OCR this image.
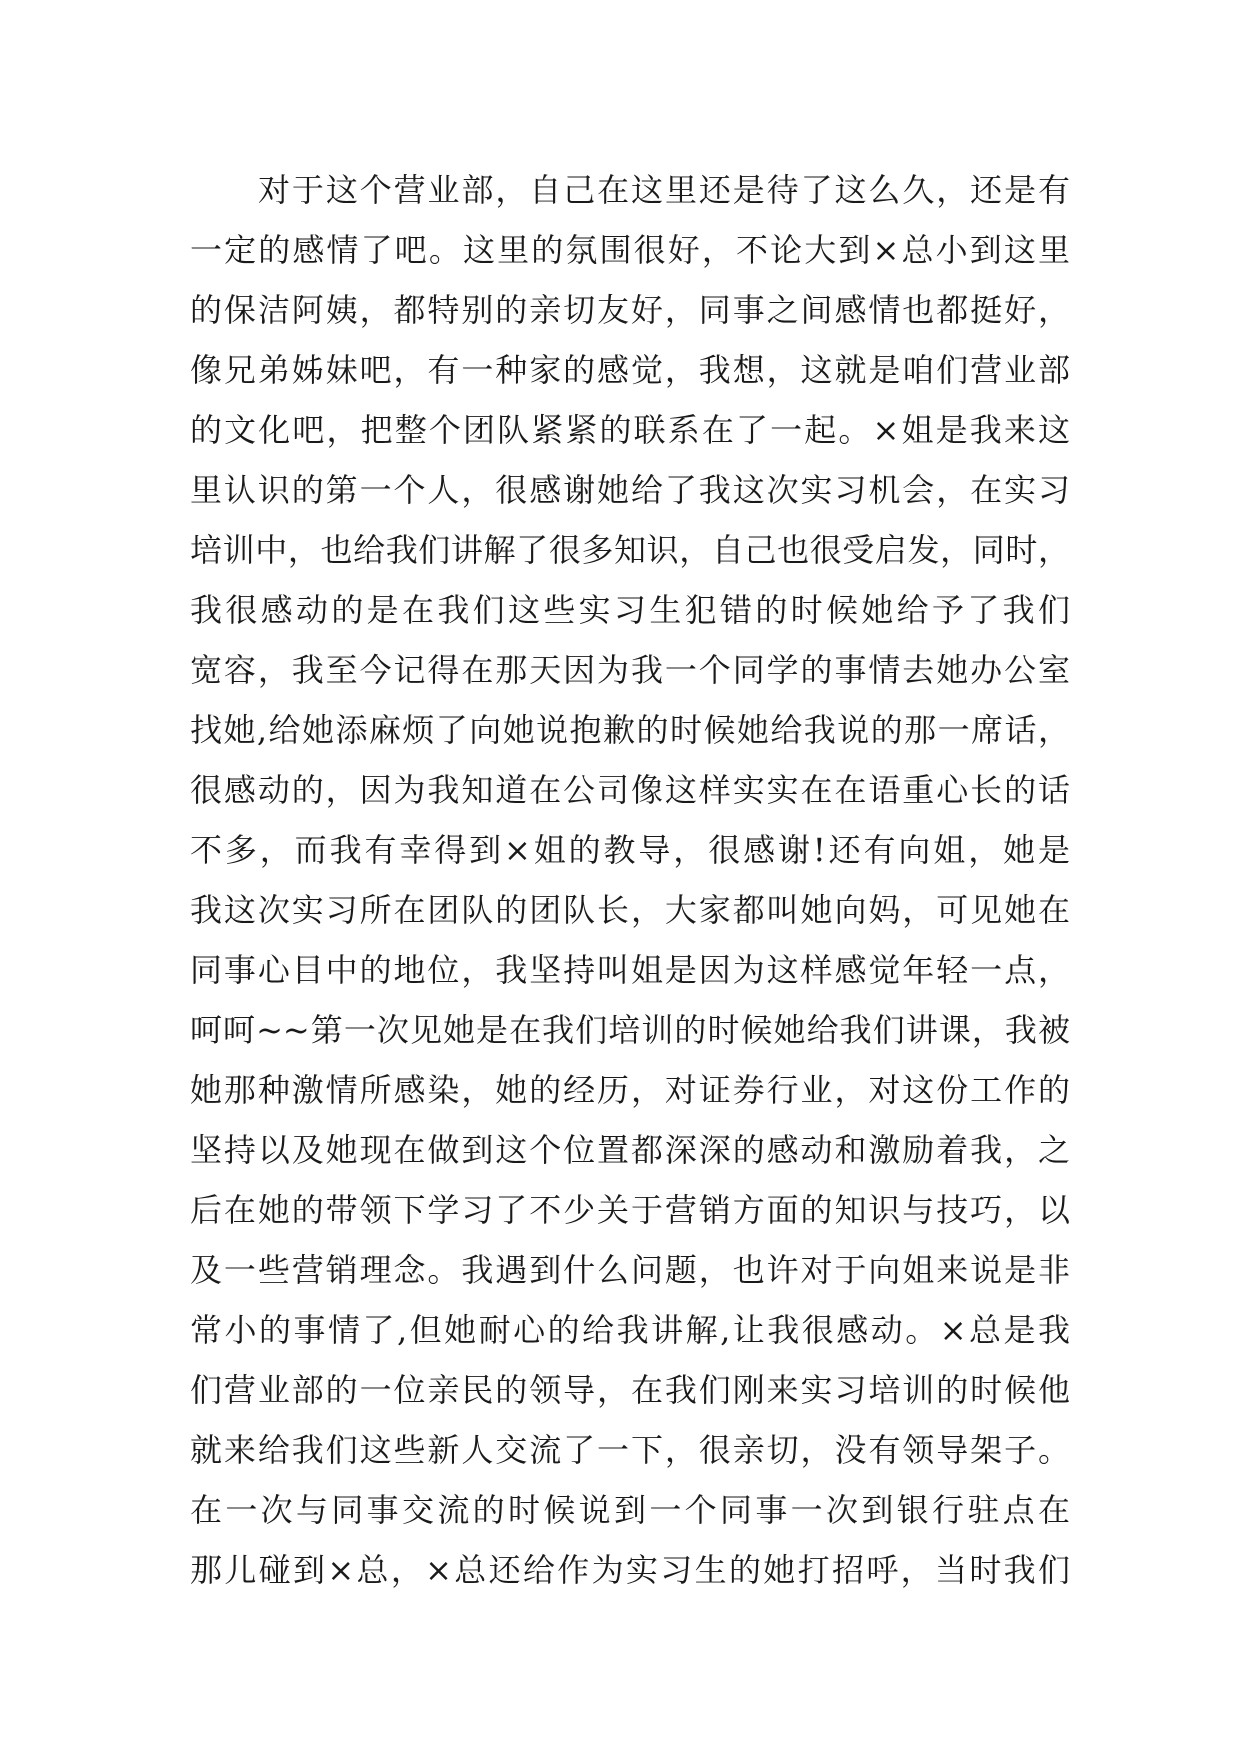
对于这个营业部，自己在这里还是待了这么久，还是有
一定的感情了吧。这里的氛围很好，不论大到×总小到这里
的保洁阿姨，都特别的亲切友好，同事之间感情也都挺好，
像兄弟姊妹吧，有一种家的感觉，我想，这就是咱们营业部
的文化吧，把整个团队紧紧的联系在了一起。×姐是我来这
里认识的第一个人，很感谢她给了我这次实习机会，在实习
培训中，也给我们讲解了很多知识，自己也很受启发，同时，
我很感动的是在我们这些实习生犯错的时候她给予了我们
宽容，我至今记得在那天因为我一个同学的事情去她办公室
找她,给她添麻烦了向她说抱歉的时候她给我说的那一席话，
很感动的，因为我知道在公司像这样实实在在语重心长的话
不多，而我有幸得到×姐的教导，很感谢!还有向姐，她是
我这次实习所在团队的团队长，大家都叫她向妈，可见她在
同事心目中的地位，我坚持叫姐是因为这样感觉年轻一点，
呵呵~~第一次见她是在我们培训的时候她给我们讲课，我被
她那种激情所感染，她的经历，对证券行业，对这份工作的
坚持以及她现在做到这个位置都深深的感动和激励着我，之
后在她的带领下学习了不少关于营销方面的知识与技巧，以
及一些营销理念。我遇到什么问题，也许对于向姐来说是非
常小的事情了,但她耐心的给我讲解,让我很感动。×总是我
们营业部的一位亲民的领导，在我们刚来实习培训的时候他
就来给我们这些新人交流了一下，很亲切，没有领导架子。
在一次与同事交流的时候说到一个同事一次到银行驻点在
那儿碰到×总，×总还给作为实习生的她打招呼，当时我们
